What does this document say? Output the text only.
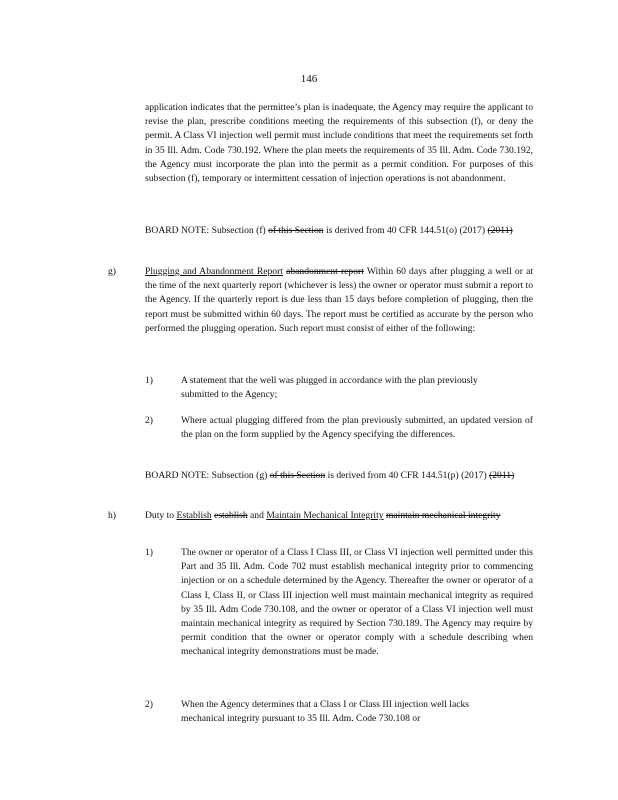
146

application indicates that the permittee’s plan is inadequate, the Agency may require the applicant to revise the plan, prescribe conditions meeting the requirements of this subsection (f), or deny the permit. A Class VI injection well permit must include conditions that meet the requirements set forth in 35 Ill. Adm. Code 730.192. Where the plan meets the requirements of 35 Ill. Adm. Code 730.192, the Agency must incorporate the plan into the permit as a permit condition. For purposes of this subsection (f), temporary or intermittent cessation of injection operations is not abandonment.

BOARD NOTE: Subsection (f) of this Section is derived from 40 CFR 144.51(o) (2017) (2011)

g)	Plugging and Abandonment Report abandonment report Within 60 days after plugging a well or at the time of the next quarterly report (whichever is less) the owner or operator must submit a report to the Agency. If the quarterly report is due less than 15 days before completion of plugging, then the report must be submitted within 60 days. The report must be certified as accurate by the person who performed the plugging operation. Such report must consist of either of the following:

1)	A statement that the well was plugged in accordance with the plan previously submitted to the Agency;
2)	Where actual plugging differed from the plan previously submitted, an updated version of the plan on the form supplied by the Agency specifying the differences.

BOARD NOTE: Subsection (g) of this Section is derived from 40 CFR 144.51(p) (2017) (2011)

h)	Duty to Establish establish and Maintain Mechanical Integrity maintain mechanical integrity

1)	The owner or operator of a Class I Class III, or Class VI injection well permitted under this Part and 35 Ill. Adm. Code 702 must establish mechanical integrity prior to commencing injection or on a schedule determined by the Agency. Thereafter the owner or operator of a Class I, Class II, or Class III injection well must maintain mechanical integrity as required by 35 Ill. Adm Code 730.108, and the owner or operator of a Class VI injection well must maintain mechanical integrity as required by Section 730.189. The Agency may require by permit condition that the owner or operator comply with a schedule describing when mechanical integrity demonstrations must be made.
2)	When the Agency determines that a Class I or Class III injection well lacks mechanical integrity pursuant to 35 Ill. Adm. Code 730.108 or
